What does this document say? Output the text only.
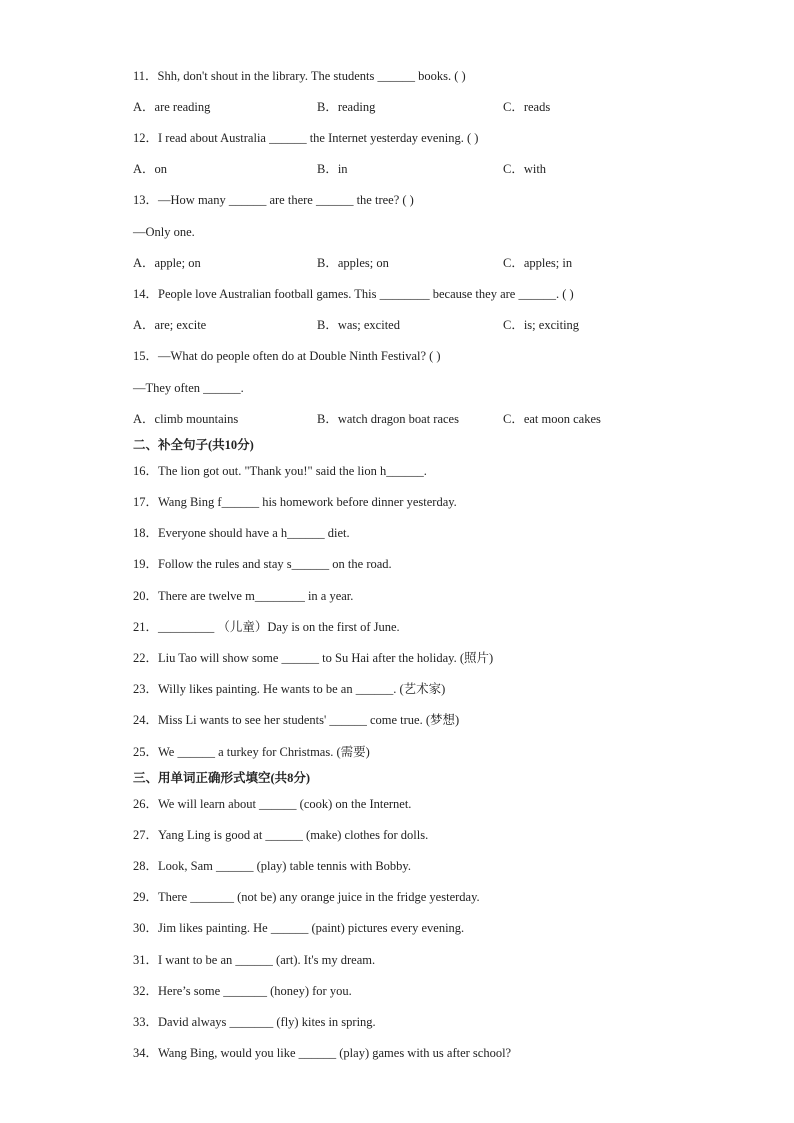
11．Shh, don't shout in the library. The students ______ books. ( )
A．are reading	B．reading	C．reads
12．I read about Australia ______ the Internet yesterday evening. ( )
A．on	B．in	C．with
13．—How many ______ are there ______ the tree? ( )
—Only one.
A．apple; on	B．apples; on	C．apples; in
14．People love Australian football games. This ________ because they are ______. ( )
A．are; excite	B．was; excited	C．is; exciting
15．—What do people often do at Double Ninth Festival? ( )
—They often ______.
A．climb mountains	B．watch dragon boat races	C．eat moon cakes
二、补全句子(共10分)
16．The lion got out. "Thank you!" said the lion h______.
17．Wang Bing f______ his homework before dinner yesterday.
18．Everyone should have a h______ diet.
19．Follow the rules and stay s______ on the road.
20．There are twelve m________ in a year.
21．_________ （儿童）Day is on the first of June.
22．Liu Tao will show some ______ to Su Hai after the holiday. (照片)
23．Willy likes painting. He wants to be an ______. (艺术家)
24．Miss Li wants to see her students' ______ come true. (梦想)
25．We ______ a turkey for Christmas. (需要)
三、用单词正确形式填空(共8分)
26．We will learn about ______ (cook) on the Internet.
27．Yang Ling is good at ______ (make) clothes for dolls.
28．Look, Sam ______ (play) table tennis with Bobby.
29．There _______ (not be) any orange juice in the fridge yesterday.
30．Jim likes painting. He ______ (paint) pictures every evening.
31．I want to be an ______ (art). It's my dream.
32．Here’s some _______ (honey) for you.
33．David always _______ (fly) kites in spring.
34．Wang Bing, would you like ______ (play) games with us after school?
